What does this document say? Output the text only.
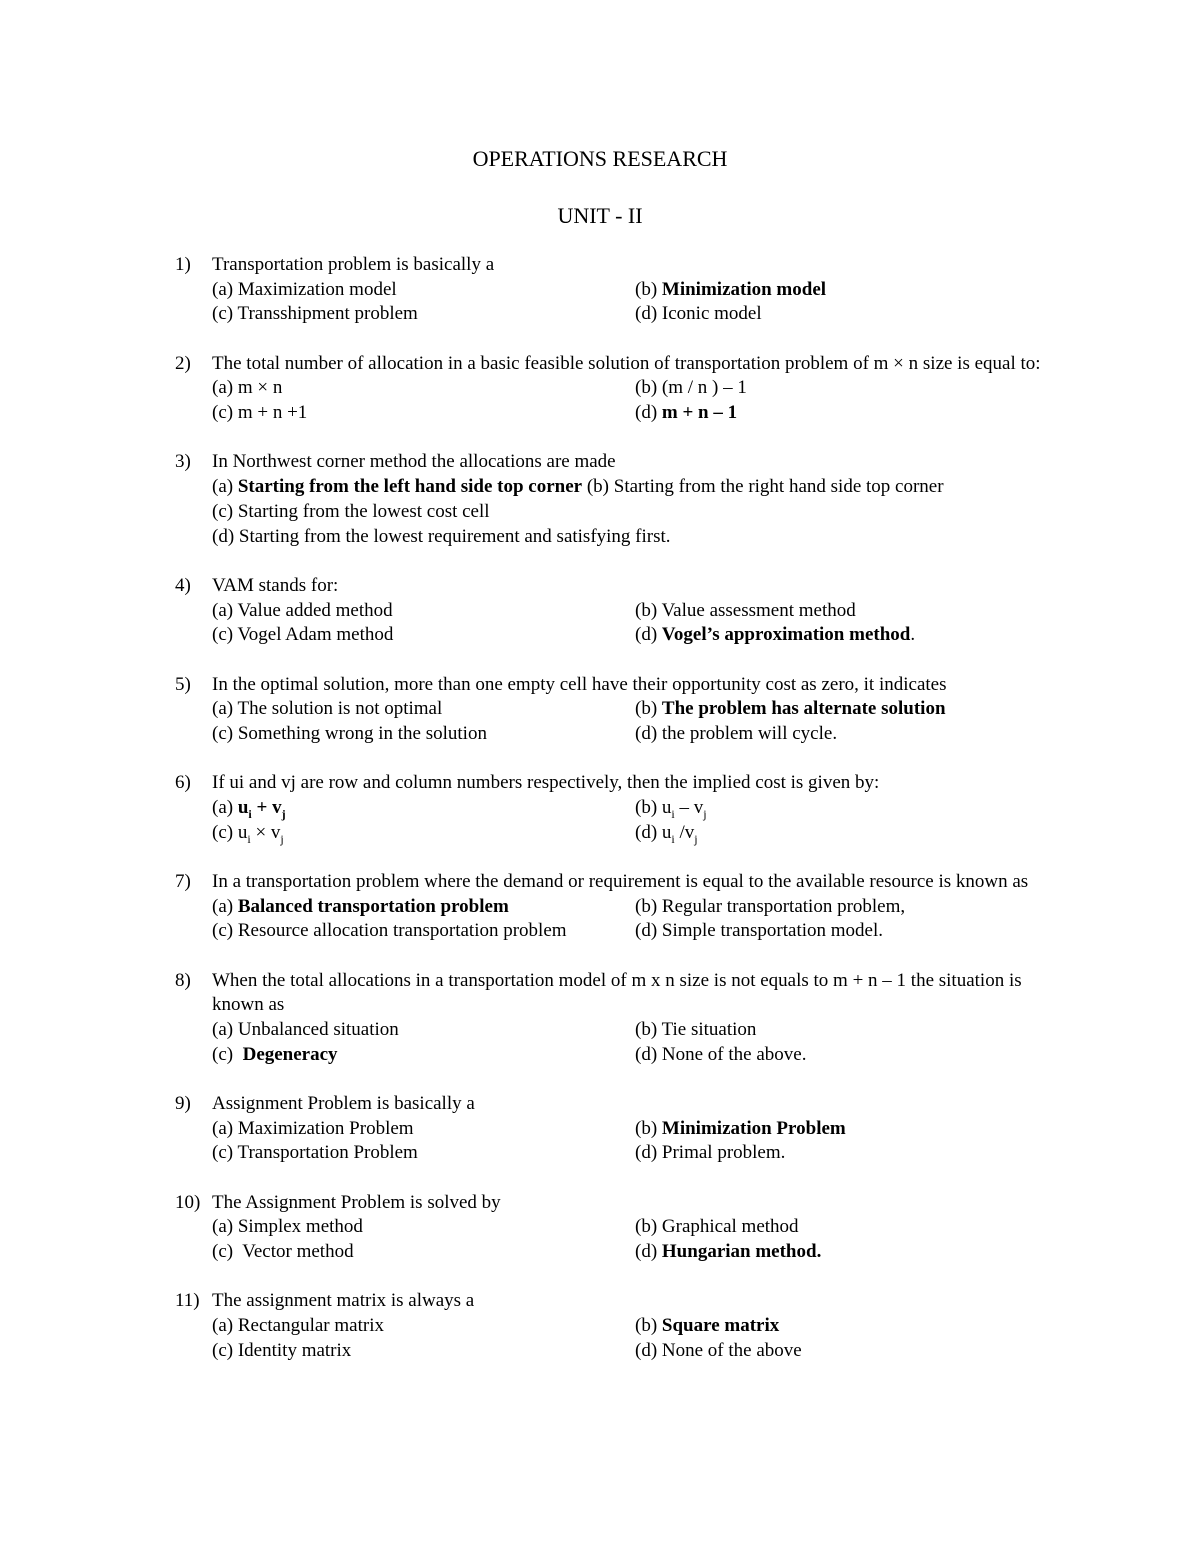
OPERATIONS RESEARCH
UNIT - II
1)	Transportation problem is basically a
(a) Maximization model	(b) Minimization model
(c) Transshipment problem	(d) Iconic model
2)	The total number of allocation in a basic feasible solution of transportation problem of m × n size is equal to:
(a) m × n	(b) (m / n ) – 1
(c) m + n +1	(d) m + n – 1
3)	In Northwest corner method the allocations are made
(a) Starting from the left hand side top corner (b) Starting from the right hand side top corner
(c) Starting from the lowest cost cell
(d) Starting from the lowest requirement and satisfying first.
4)	VAM stands for:
(a) Value added method	(b) Value assessment method
(c) Vogel Adam method	(d) Vogel’s approximation method.
5)	In the optimal solution, more than one empty cell have their opportunity cost as zero, it indicates
(a) The solution is not optimal	(b) The problem has alternate solution
(c) Something wrong in the solution	(d) the problem will cycle.
6)	If ui and vj are row and column numbers respectively, then the implied cost is given by:
(a) $u_i + v_j$	(b) $u_i - v_j$
(c) $u_i \times v_j$	(d) $u_i$ $/v_j$
7)	In a transportation problem where the demand or requirement is equal to the available resource is known as
(a) Balanced transportation problem	(b) Regular transportation problem,
(c) Resource allocation transportation problem	(d) Simple transportation model.
8)	When the total allocations in a transportation model of m x n size is not equals to m + n – 1 the situation is known as
(a) Unbalanced situation	(b) Tie situation
(c)  Degeneracy	(d) None of the above.
9)	Assignment Problem is basically a
(a) Maximization Problem	(b) Minimization Problem
(c) Transportation Problem	(d) Primal problem.
10) The Assignment Problem is solved by
(a) Simplex method	(b) Graphical method
(c)  Vector method	(d) Hungarian method.
11) The assignment matrix is always a
(a) Rectangular matrix	(b) Square matrix
(c) Identity matrix	(d) None of the above
